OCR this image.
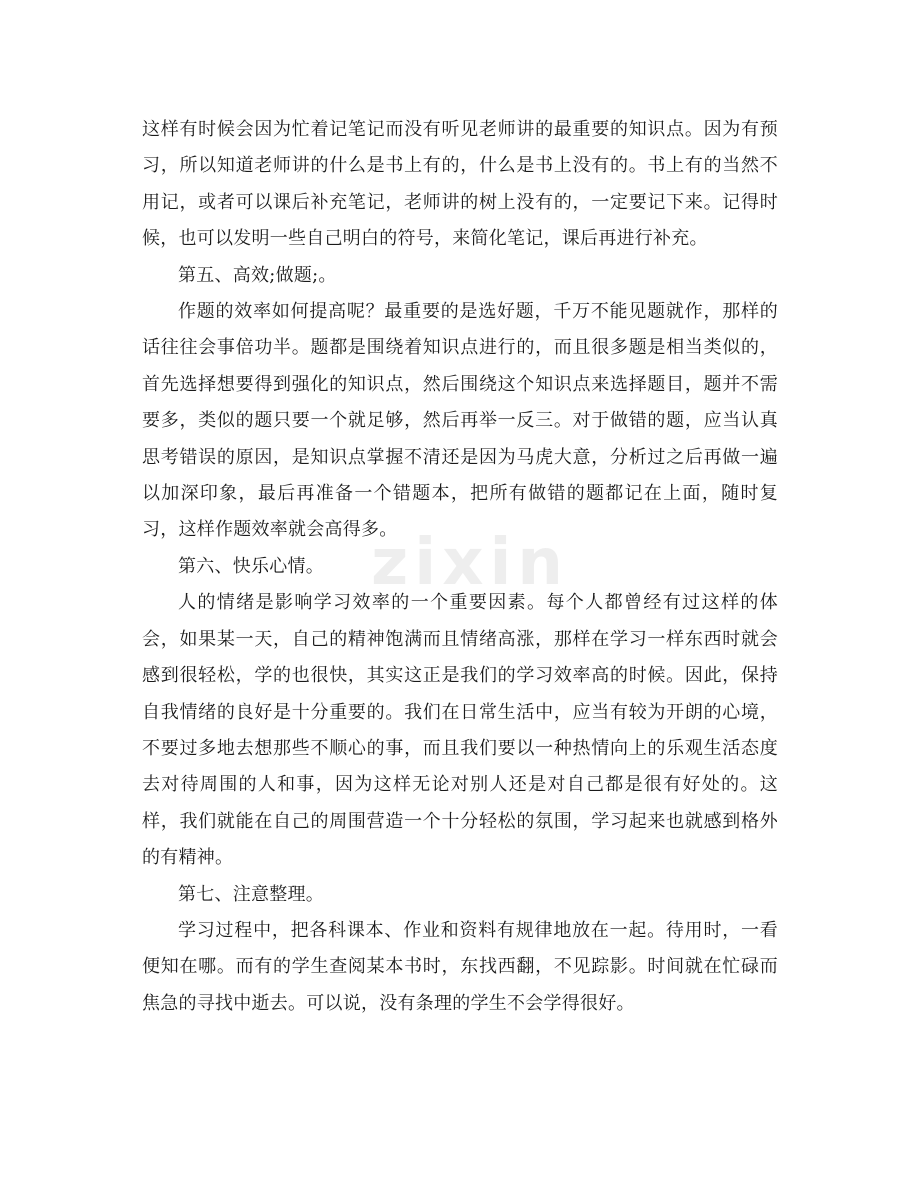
这样有时候会因为忙着记笔记而没有听见老师讲的最重要的知识点。因为有预习，所以知道老师讲的什么是书上有的，什么是书上没有的。书上有的当然不用记，或者可以课后补充笔记，老师讲的树上没有的，一定要记下来。记得时候，也可以发明一些自己明白的符号，来简化笔记，课后再进行补充。

第五、高效;做题;。

作题的效率如何提高呢？最重要的是选好题，千万不能见题就作，那样的话往往会事倍功半。题都是围绕着知识点进行的，而且很多题是相当类似的，首先选择想要得到强化的知识点，然后围绕这个知识点来选择题目，题并不需要多，类似的题只要一个就足够，然后再举一反三。对于做错的题，应当认真思考错误的原因，是知识点掌握不清还是因为马虎大意，分析过之后再做一遍以加深印象，最后再准备一个错题本，把所有做错的题都记在上面，随时复习，这样作题效率就会高得多。

第六、快乐心情。

人的情绪是影响学习效率的一个重要因素。每个人都曾经有过这样的体会，如果某一天，自己的精神饱满而且情绪高涨，那样在学习一样东西时就会感到很轻松，学的也很快，其实这正是我们的学习效率高的时候。因此，保持自我情绪的良好是十分重要的。我们在日常生活中，应当有较为开朗的心境，不要过多地去想那些不顺心的事，而且我们要以一种热情向上的乐观生活态度去对待周围的人和事，因为这样无论对别人还是对自己都是很有好处的。这样，我们就能在自己的周围营造一个十分轻松的氛围，学习起来也就感到格外的有精神。

第七、注意整理。

学习过程中，把各科课本、作业和资料有规律地放在一起。待用时，一看便知在哪。而有的学生查阅某本书时，东找西翻，不见踪影。时间就在忙碌而焦急的寻找中逝去。可以说，没有条理的学生不会学得很好。

zixin
